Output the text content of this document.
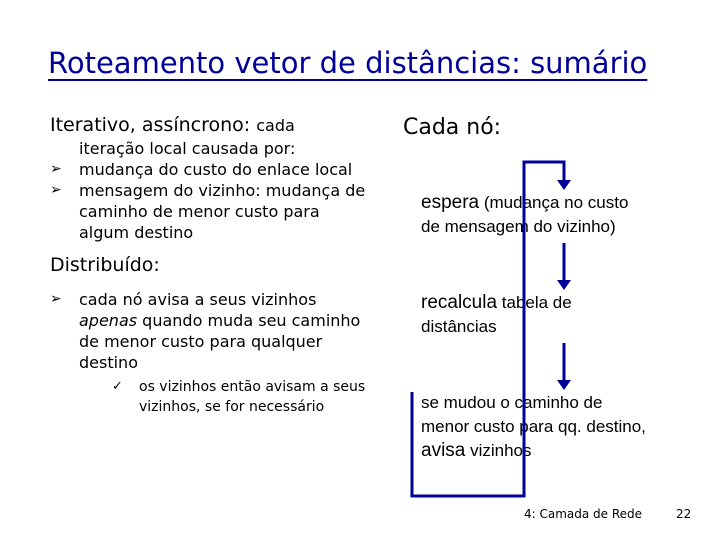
Roteamento vetor de distâncias: sumário
Iterativo, assíncrono: cada
iteração local causada por:
➢ mudança do custo do enlace local
➢ mensagem do vizinho: mudança de caminho de menor custo para algum destino
Distribuído:
➢ cada nó avisa a seus vizinhos apenas quando muda seu caminho de menor custo para qualquer destino
✓ os vizinhos então avisam a seus vizinhos, se for necessário
Cada nó:
espera (mudança no custo
de mensagem do vizinho)
recalcula tabela de
distâncias
se mudou o caminho de
menor custo para qq. destino,
avisa vizinhos
4: Camada de Rede	22
